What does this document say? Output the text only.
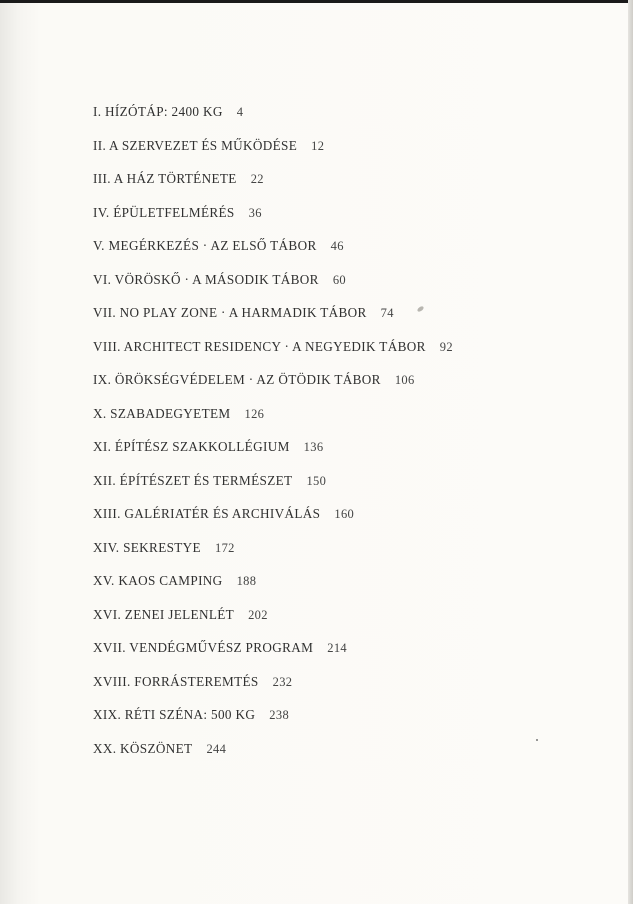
I. HÍZÓTÁP: 2400 KG 4
II. A SZERVEZET ÉS MŰKÖDÉSE 12
III. A HÁZ TÖRTÉNETE 22
IV. ÉPÜLETFELMÉRÉS 36
V. MEGÉRKEZÉS · AZ ELSŐ TÁBOR 46
VI. VÖRÖSKŐ · A MÁSODIK TÁBOR 60
VII. NO PLAY ZONE · A HARMADIK TÁBOR 74
VIII. ARCHITECT RESIDENCY · A NEGYEDIK TÁBOR 92
IX. ÖRÖKSÉGVÉDELEM · AZ ÖTÖDIK TÁBOR 106
X. SZABADEGYETEM 126
XI. ÉPÍTÉSZ SZAKKOLLÉGIUM 136
XII. ÉPÍTÉSZET ÉS TERMÉSZET 150
XIII. GALÉRIATÉR ÉS ARCHIVÁLÁS 160
XIV. SEKRESTYE 172
XV. KAOS CAMPING 188
XVI. ZENEI JELENLÉT 202
XVII. VENDÉGMŰVÉSZ PROGRAM 214
XVIII. FORRÁSTEREMTÉS 232
XIX. RÉTI SZÉNA: 500 KG 238
XX. KÖSZÖNET 244
